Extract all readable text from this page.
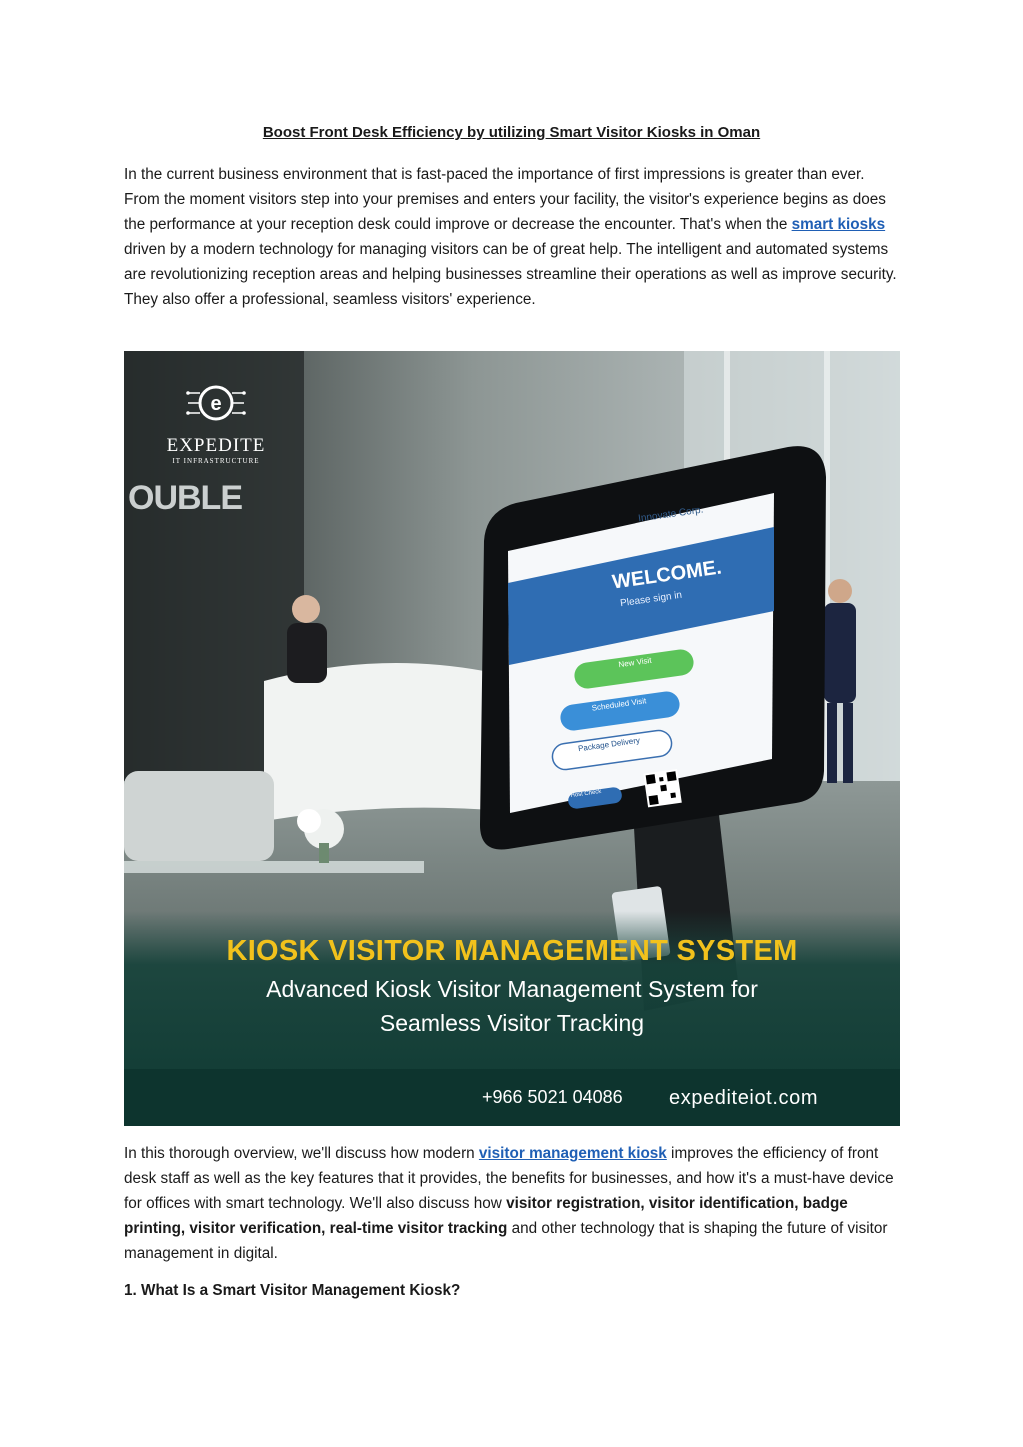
Boost Front Desk Efficiency by utilizing Smart Visitor Kiosks in Oman

In the current business environment that is fast-paced the importance of first impressions is greater than ever. From the moment visitors step into your premises and enters your facility, the visitor's experience begins as does the performance at your reception desk could improve or decrease the encounter. That's when the smart kiosks driven by a modern technology for managing visitors can be of great help. The intelligent and automated systems are revolutionizing reception areas and helping businesses streamline their operations as well as improve security. They also offer a professional, seamless visitors' experience.

e
EXPEDITE
IT INFRASTRUCTURE
OUBLE	Innovate Corp.
WELCOME.
Please sign in
New Visit
Scheduled Visit
Package Delivery
Host Check
KIOSK VISITOR MANAGEMENT SYSTEM
Advanced Kiosk Visitor Management System for
Seamless Visitor Tracking
+966 5021 04086 expediteiot.com

In this thorough overview, we'll discuss how modern visitor management kiosk improves the efficiency of front desk staff as well as the key features that it provides, the benefits for businesses, and how it's a must-have device for offices with smart technology. We'll also discuss how visitor registration, visitor identification, badge printing, visitor verification, real-time visitor tracking and other technology that is shaping the future of visitor management in digital.

1. What Is a Smart Visitor Management Kiosk?
